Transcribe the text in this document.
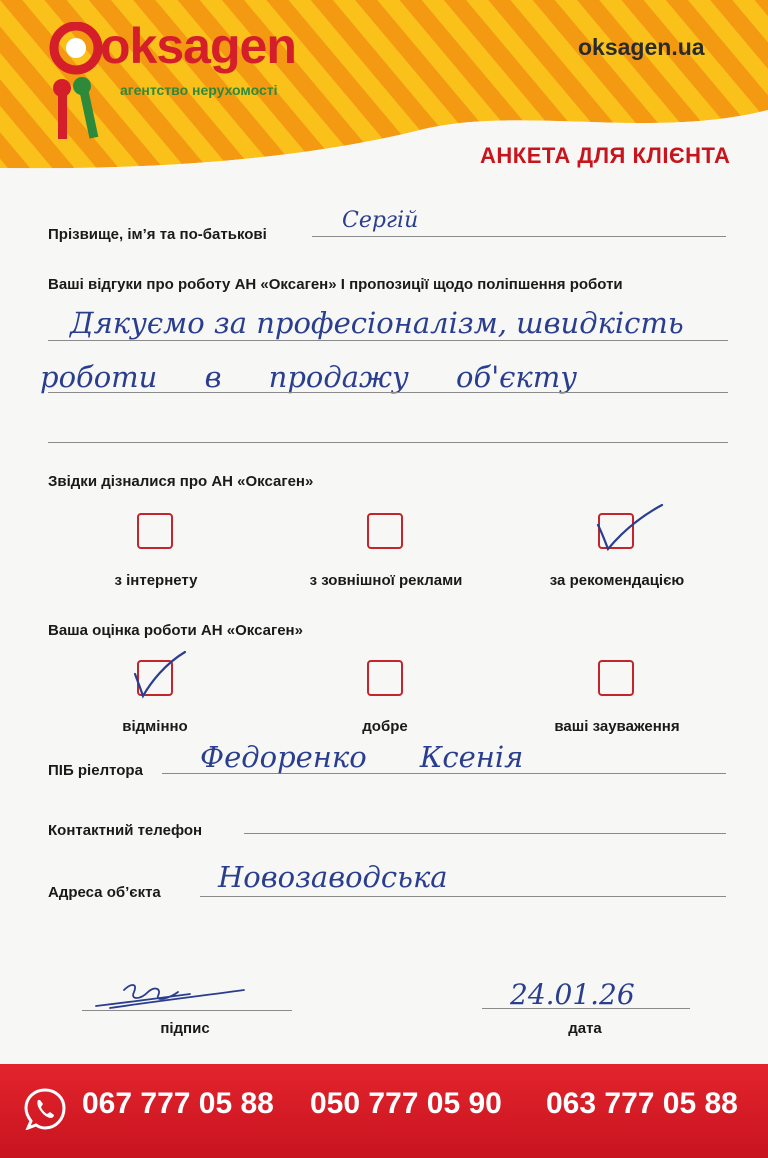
oksagen
агентство нерухомості
oksagen.ua
АНКЕТА ДЛЯ КЛІЄНТА
Прізвище, ім’я та по-батькові
Сергій
Ваші відгуки про роботу АН «Оксаген» І пропозиції щодо поліпшення роботи
Дякуємо за професіоналізм, швидкість
роботи в продажу об'єкту
Звідки дізналися про АН «Оксаген»
з інтернету	з зовнішної реклами	за рекомендацією
Ваша оцінка роботи АН «Оксаген»
відмінно	добре	ваші зауваження
ПІБ ріелтора Федоренко Ксенія
Контактний телефон
Адреса об’єкта Новозаводська
підпис
24.01.26
дата
067 777 05 88 050 777 05 90 063 777 05 88
